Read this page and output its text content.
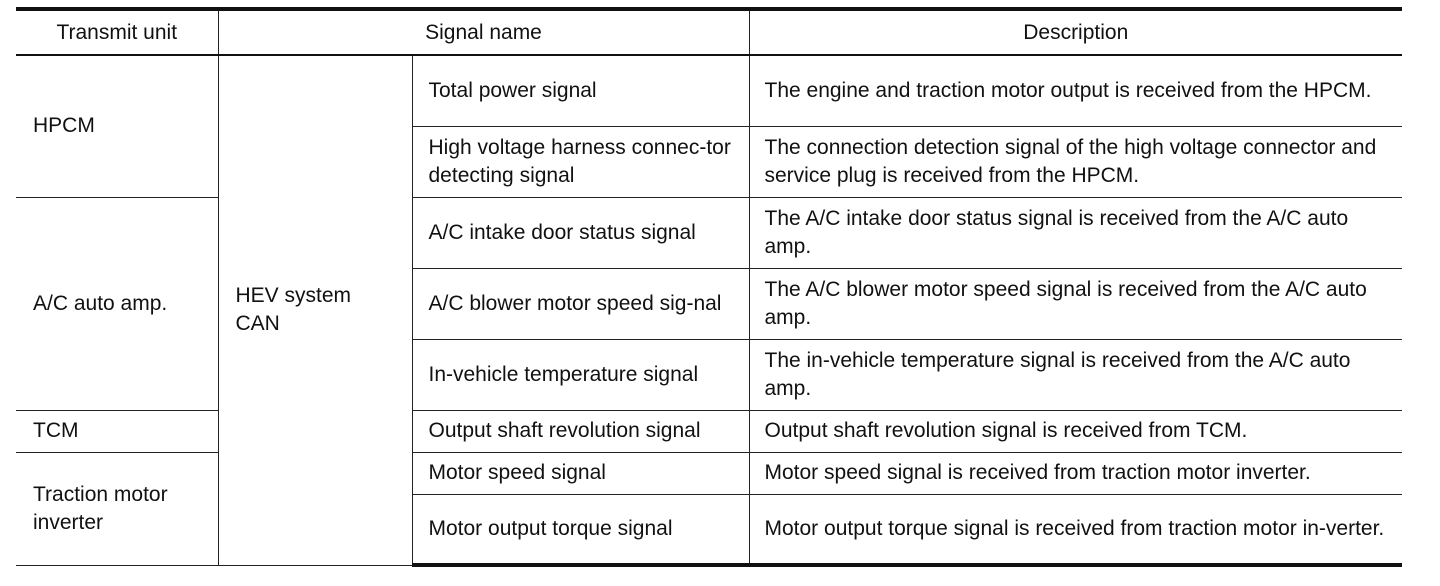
Transmit unit	Signal name		Description
HPCM	HEV system CAN	Total power signal	The engine and traction motor output is received from the HPCM.
		High voltage harness connec-tor detecting signal	The connection detection signal of the high voltage connector and service plug is received from the HPCM.
A/C auto amp.		A/C intake door status signal	The A/C intake door status signal is received from the A/C auto amp.
		A/C blower motor speed sig-nal	The A/C blower motor speed signal is received from the A/C auto amp.
		In-vehicle temperature signal	The in-vehicle temperature signal is received from the A/C auto amp.
TCM		Output shaft revolution signal	Output shaft revolution signal is received from TCM.
Traction motor inverter		Motor speed signal	Motor speed signal is received from traction motor inverter.
		Motor output torque signal	Motor output torque signal is received from traction motor in-verter.
